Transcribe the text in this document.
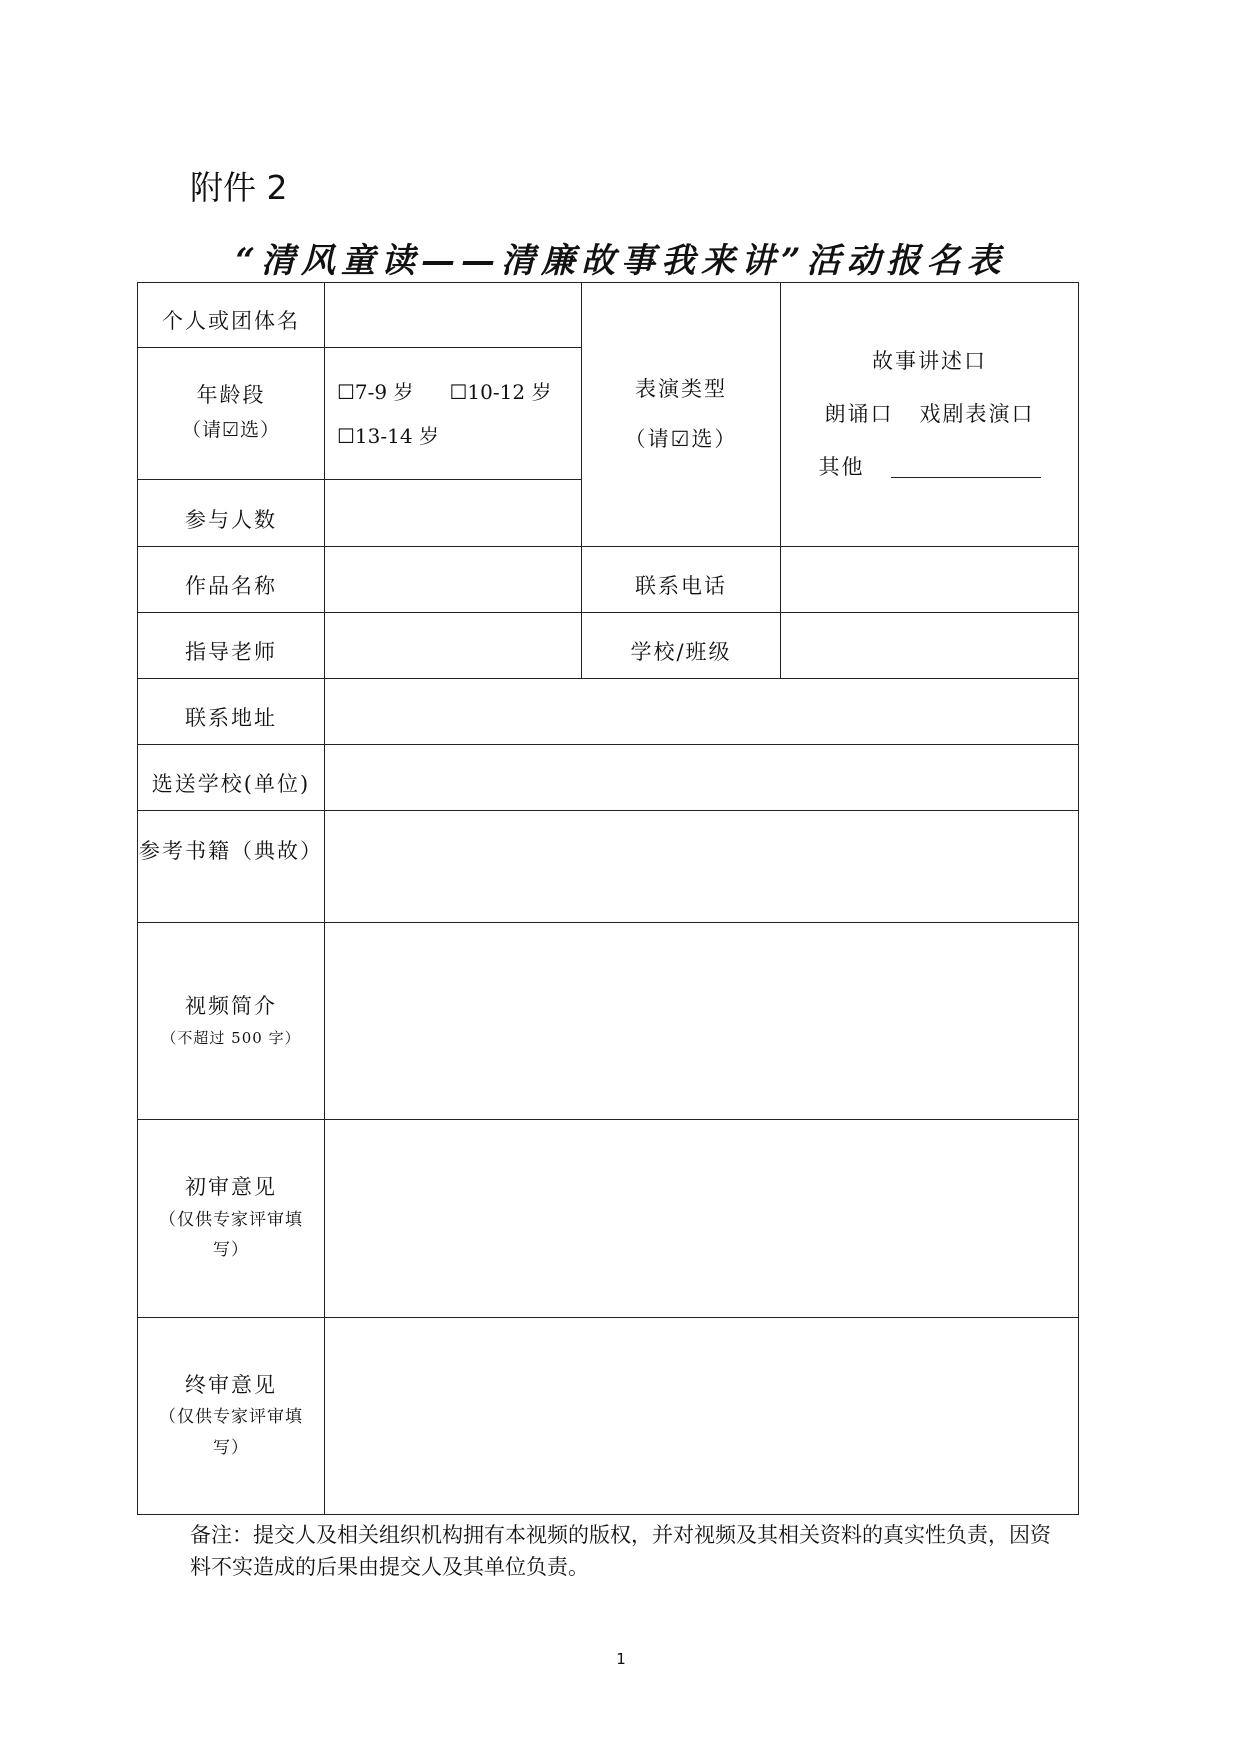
附件 2
“清风童读——清廉故事我来讲”活动报名表
个人或团体名
表演类型
（请☑选）
故事讲述口
朗诵口 戏剧表演口
其他
年龄段
（请☑选）
☐7-9 岁 ☐10-12 岁
☐13-14 岁
参与人数
作品名称	联系电话
指导老师	学校/班级
联系地址
选送学校(单位)
参考书籍（典故）
视频简介
（不超过 500 字）
初审意见
（仅供专家评审填写）
终审意见
（仅供专家评审填写）
备注：提交人及相关组织机构拥有本视频的版权，并对视频及其相关资料的真实性负责，因资料不实造成的后果由提交人及其单位负责。
1
